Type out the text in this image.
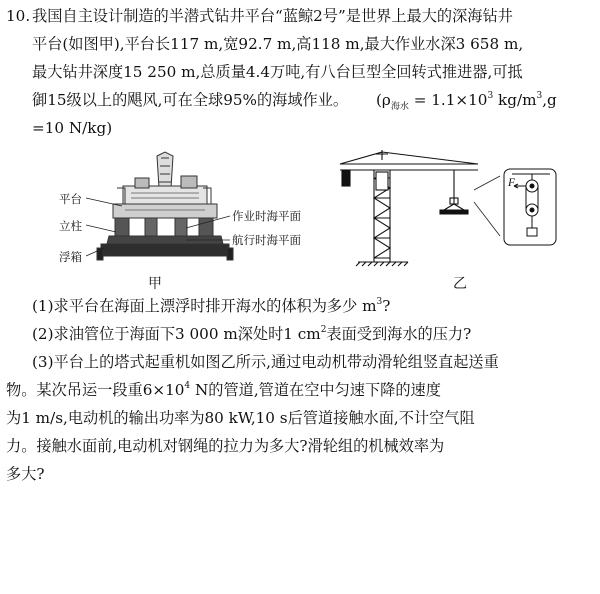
10. 我国自主设计制造的半潜式钻井平台“蓝鲸2号”是世界上最大的深海钻井
平台(如图甲),平台长117 m,宽92.7 m,高118 m,最大作业水深3 658 m,
最大钻井深度15 250 m,总质量4.4万吨,有八台巨型全回转式推进器,可抵
御15级以上的飓风,可在全球95%的海域作业。 ($\rho_{海水} = 1.1\times 10^3$ $kg/m^3,g$
=10 N/kg)
平台
立柱
浮箱
作业时海平面
航行时海平面
甲
F
乙
(1)求平台在海面上漂浮时排开海水的体积为多少 $m^3$?
(2)求油管位于海面下3 000 m深处时1 $cm^2$表面受到海水的压力?
(3)平台上的塔式起重机如图乙所示,通过电动机带动滑轮组竖直起送重
物。某次吊运一段重$6\times 10^4$ N的管道,管道在空中匀速下降的速度
为1 m/s,电动机的输出功率为80 kW,10 s后管道接触水面,不计空气阻
力。接触水面前,电动机对钢绳的拉力为多大?滑轮组的机械效率为
多大?
